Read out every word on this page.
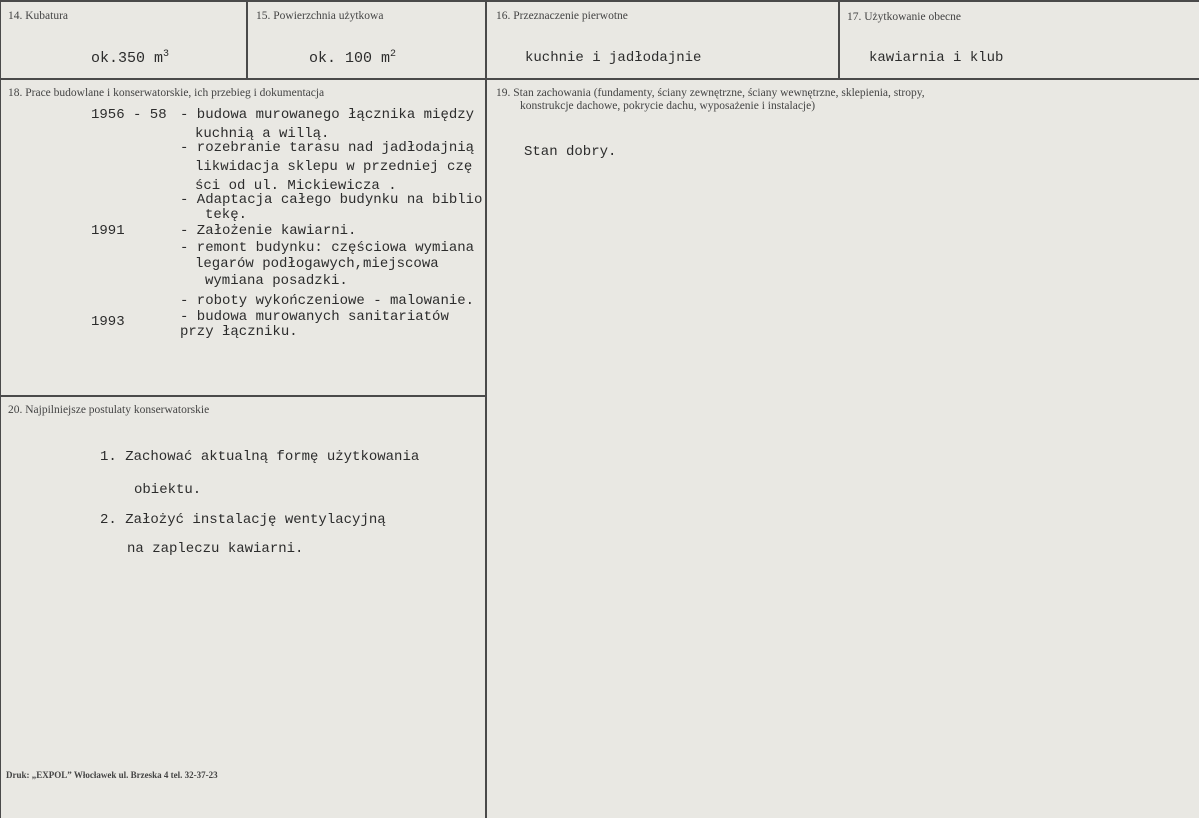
14. Kubatura
ok.350 $m^3$
15. Powierzchnia użytkowa
ok. 100 $m^2$
16. Przeznaczenie pierwotne
kuchnie i jadłodajnie
17. Użytkowanie obecne
kawiarnia i klub
18. Prace budowlane i konserwatorskie, ich przebieg i dokumentacja
1956 - 58
1991
1993
- budowa murowanego łącznika między
kuchnią a willą.
- rozebranie tarasu nad jadłodajnią
likwidacja sklepu w przedniej czę
ści od ul. Mickiewicza .
- Adaptacja całego budynku na biblio
tekę.
- Założenie kawiarni.
- remont budynku: częściowa wymiana
legarów podłogawych,miejscowa
wymiana posadzki.
- roboty wykończeniowe - malowanie.
- budowa murowanych sanitariatów
przy łączniku.
19. Stan zachowania (fundamenty, ściany zewnętrzne, ściany wewnętrzne, sklepienia, stropy,
konstrukcje dachowe, pokrycie dachu, wyposażenie i instalacje)
Stan dobry.
20. Najpilniejsze postulaty konserwatorskie
1. Zachować aktualną formę użytkowania
obiektu.
2. Założyć instalację wentylacyjną
na zapleczu kawiarni.
Druk: „EXPOL” Włocławek ul. Brzeska 4 tel. 32-37-23
